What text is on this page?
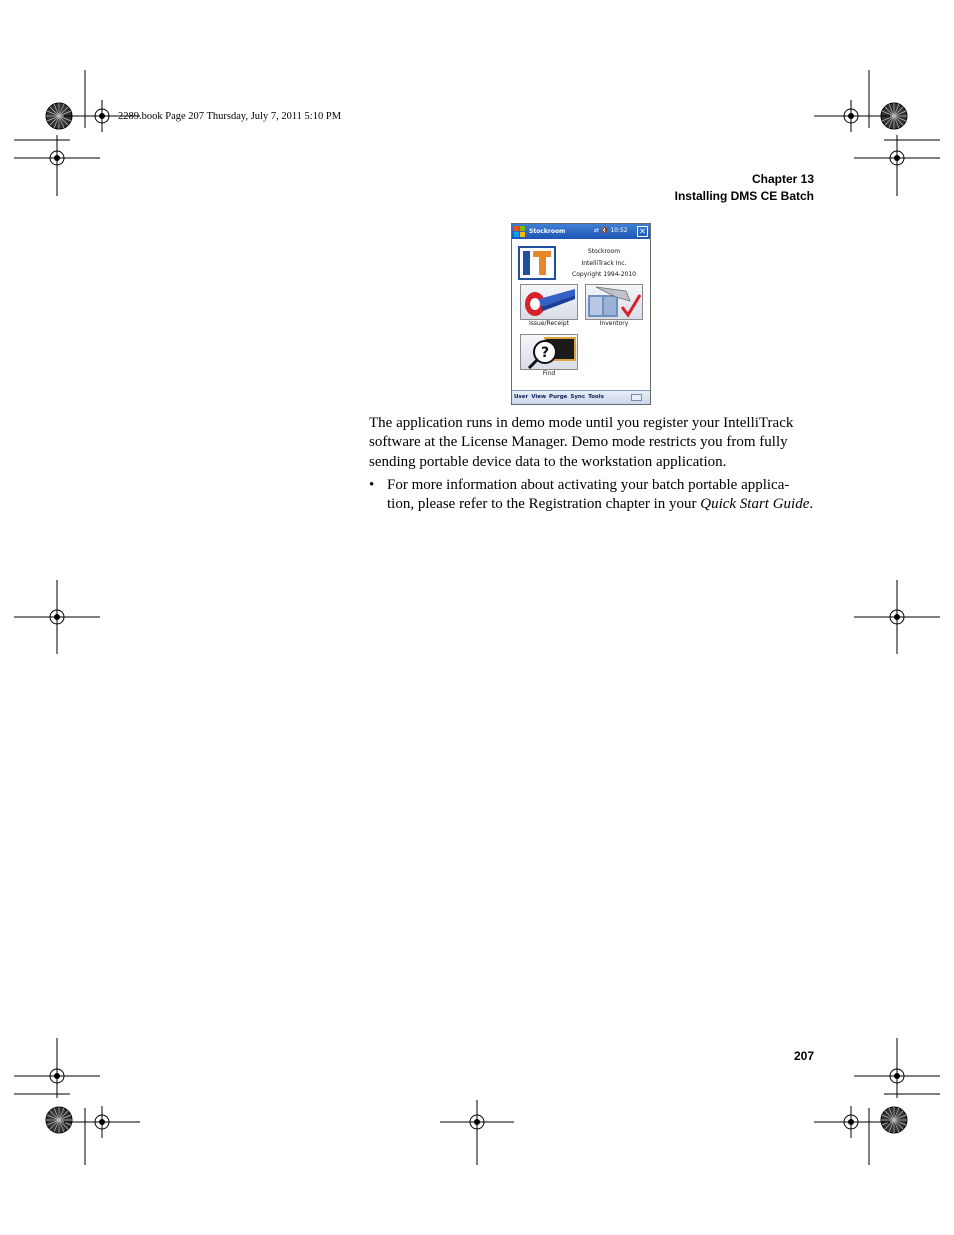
2289.book Page 207 Thursday, July 7, 2011 5:10 PM
Chapter 13
Installing DMS CE Batch
Stockroom	⇄ 🔇 10:52 ✕
Stockroom
IntelliTrack Inc.
Copyright 1994-2010
Issue/Receipt	Inventory
?
Find
User View Purge Sync Tools

The application runs in demo mode until you register your IntelliTrack software at the License Manager. Demo mode restricts you from fully sending portable device data to the workstation application.

• For more information about activating your batch portable applica-tion, please refer to the Registration chapter in your Quick Start Guide.
207
